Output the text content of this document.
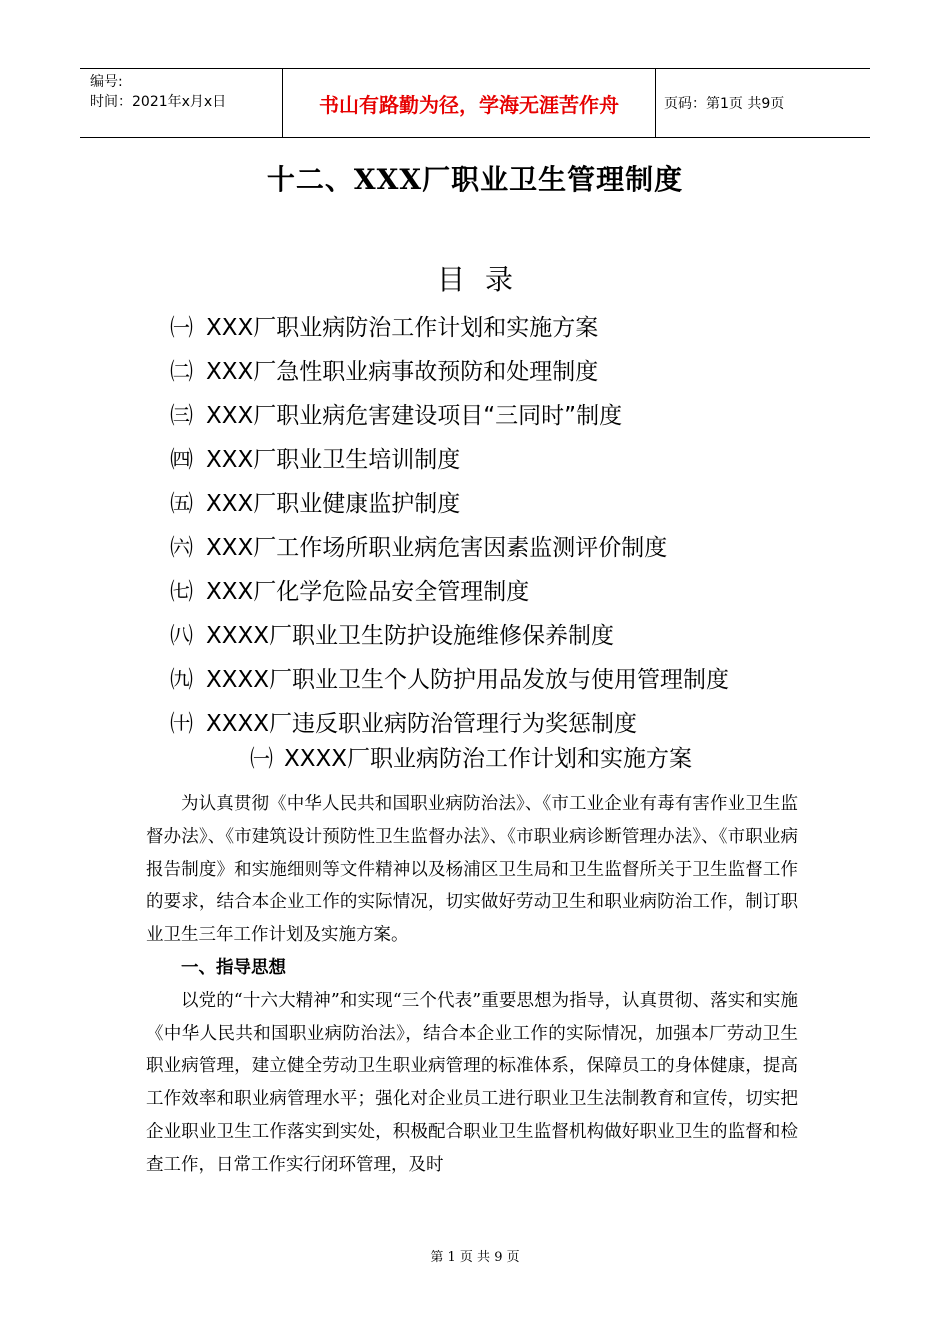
编号:
时间：2021年x月x日	书山有路勤为径，学海无涯苦作舟	页码：第1页 共9页
十二、XXX厂职业卫生管理制度
目录
㈠ XXX厂职业病防治工作计划和实施方案
㈡ XXX厂急性职业病事故预防和处理制度
㈢ XXX厂职业病危害建设项目“三同时”制度
㈣ XXX厂职业卫生培训制度
㈤ XXX厂职业健康监护制度
㈥ XXX厂工作场所职业病危害因素监测评价制度
㈦ XXX厂化学危险品安全管理制度
㈧ XXXX厂职业卫生防护设施维修保养制度
㈨ XXXX厂职业卫生个人防护用品发放与使用管理制度
㈩ XXXX厂违反职业病防治管理行为奖惩制度
㈠ XXXX厂职业病防治工作计划和实施方案

为认真贯彻《中华人民共和国职业病防治法》、《市工业企业有毒有害作业卫生监督办法》、《市建筑设计预防性卫生监督办法》、《市职业病诊断管理办法》、《市职业病报告制度》和实施细则等文件精神以及杨浦区卫生局和卫生监督所关于卫生监督工作的要求，结合本企业工作的实际情况，切实做好劳动卫生和职业病防治工作，制订职业卫生三年工作计划及实施方案。

一、指导思想

以党的“十六大精神”和实现“三个代表”重要思想为指导，认真贯彻、落实和实施《中华人民共和国职业病防治法》，结合本企业工作的实际情况，加强本厂劳动卫生职业病管理，建立健全劳动卫生职业病管理的标准体系，保障员工的身体健康，提高工作效率和职业病管理水平；强化对企业员工进行职业卫生法制教育和宣传，切实把企业职业卫生工作落实到实处，积极配合职业卫生监督机构做好职业卫生的监督和检查工作，日常工作实行闭环管理，及时

第 1 页 共 9 页
